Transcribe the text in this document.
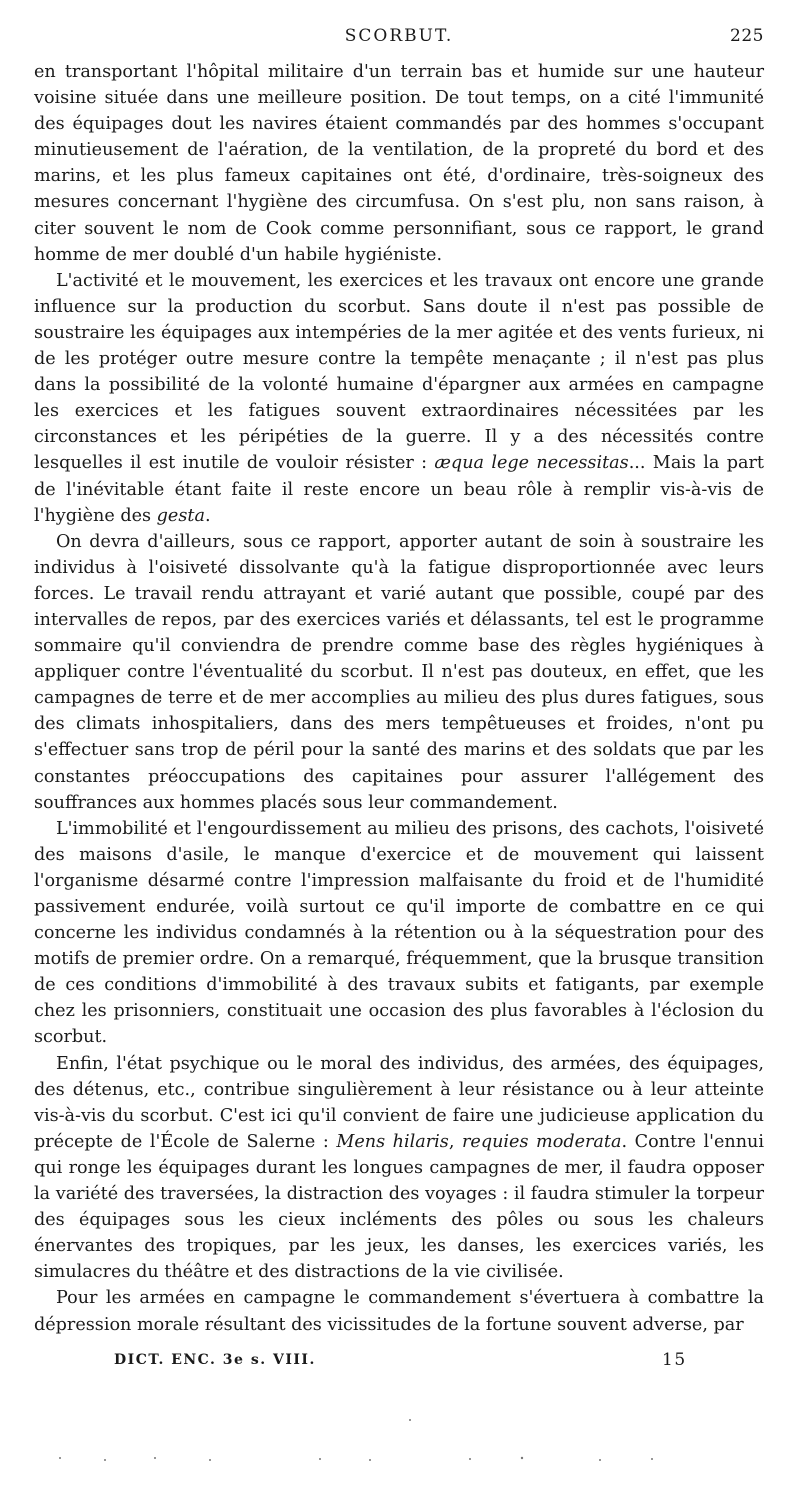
SCORBUT.	225

en transportant l'hôpital militaire d'un terrain bas et humide sur une hauteur voisine située dans une meilleure position. De tout temps, on a cité l'immunité des équipages dout les navires étaient commandés par des hommes s'occupant minutieusement de l'aération, de la ventilation, de la propreté du bord et des marins, et les plus fameux capitaines ont été, d'ordinaire, très-soigneux des mesures concernant l'hygiène des circumfusa. On s'est plu, non sans raison, à citer souvent le nom de Cook comme personnifiant, sous ce rapport, le grand homme de mer doublé d'un habile hygiéniste.

L'activité et le mouvement, les exercices et les travaux ont encore une grande influence sur la production du scorbut. Sans doute il n'est pas possible de soustraire les équipages aux intempéries de la mer agitée et des vents furieux, ni de les protéger outre mesure contre la tempête menaçante ; il n'est pas plus dans la possibilité de la volonté humaine d'épargner aux armées en campagne les exercices et les fatigues souvent extraordinaires nécessitées par les circonstances et les péripéties de la guerre. Il y a des nécessités contre lesquelles il est inutile de vouloir résister : æqua lege necessitas... Mais la part de l'inévitable étant faite il reste encore un beau rôle à remplir vis-à-vis de l'hygiène des gesta.

On devra d'ailleurs, sous ce rapport, apporter autant de soin à soustraire les individus à l'oisiveté dissolvante qu'à la fatigue disproportionnée avec leurs forces. Le travail rendu attrayant et varié autant que possible, coupé par des intervalles de repos, par des exercices variés et délassants, tel est le programme sommaire qu'il conviendra de prendre comme base des règles hygiéniques à appliquer contre l'éventualité du scorbut. Il n'est pas douteux, en effet, que les campagnes de terre et de mer accomplies au milieu des plus dures fatigues, sous des climats inhospitaliers, dans des mers tempêtueuses et froides, n'ont pu s'effectuer sans trop de péril pour la santé des marins et des soldats que par les constantes préoccupations des capitaines pour assurer l'allégement des souffrances aux hommes placés sous leur commandement.

L'immobilité et l'engourdissement au milieu des prisons, des cachots, l'oisiveté des maisons d'asile, le manque d'exercice et de mouvement qui laissent l'organisme désarmé contre l'impression malfaisante du froid et de l'humidité passivement endurée, voilà surtout ce qu'il importe de combattre en ce qui concerne les individus condamnés à la rétention ou à la séquestration pour des motifs de premier ordre. On a remarqué, fréquemment, que la brusque transition de ces conditions d'immobilité à des travaux subits et fatigants, par exemple chez les prisonniers, constituait une occasion des plus favorables à l'éclosion du scorbut.

Enfin, l'état psychique ou le moral des individus, des armées, des équipages, des détenus, etc., contribue singulièrement à leur résistance ou à leur atteinte vis-à-vis du scorbut. C'est ici qu'il convient de faire une judicieuse application du précepte de l'École de Salerne : Mens hilaris, requies moderata. Contre l'ennui qui ronge les équipages durant les longues campagnes de mer, il faudra opposer la variété des traversées, la distraction des voyages : il faudra stimuler la torpeur des équipages sous les cieux incléments des pôles ou sous les chaleurs énervantes des tropiques, par les jeux, les danses, les exercices variés, les simulacres du théâtre et des distractions de la vie civilisée.

Pour les armées en campagne le commandement s'évertuera à combattre la dépression morale résultant des vicissitudes de la fortune souvent adverse, par

DICT. ENC. 3e s. VIII.	15
